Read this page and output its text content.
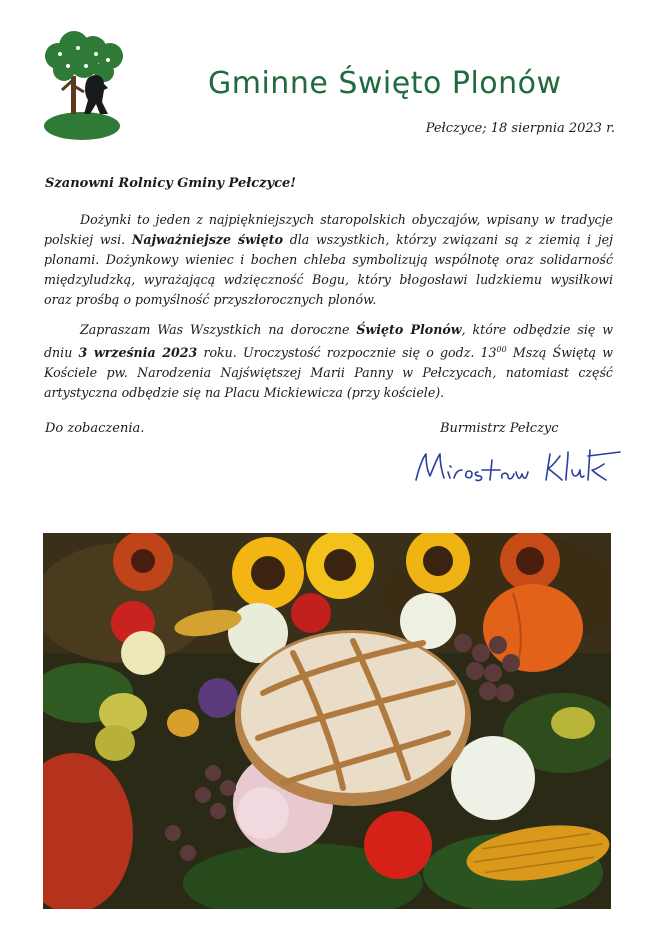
Gminne Święto Plonów
Pełczyce; 18 sierpnia 2023 r.
Szanowni Rolnicy Gminy Pełczyce!

Dożynki to jeden z najpiękniejszych staropolskich obyczajów, wpisany w tradycje polskiej wsi. Najważniejsze święto dla wszystkich, którzy związani są z ziemią i jej plonami. Dożynkowy wieniec i bochen chleba symbolizują wspólnotę oraz solidarność międzyludzką, wyrażającą wdzięczność Bogu, który błogosławi ludzkiemu wysiłkowi oraz prośbą o pomyślność przyszłorocznych plonów.

Zapraszam Was Wszystkich na doroczne Święto Plonów, które odbędzie się w dniu 3 września 2023 roku. Uroczystość rozpocznie się o godz. $13^{00}$ Mszą Świętą w Kościele pw. Narodzenia Najświętszej Marii Panny w Pełczycach, natomiast część artystyczna odbędzie się na Placu Mickiewicza (przy kościele).

Do zobaczenia.	Burmistrz Pełczyc
